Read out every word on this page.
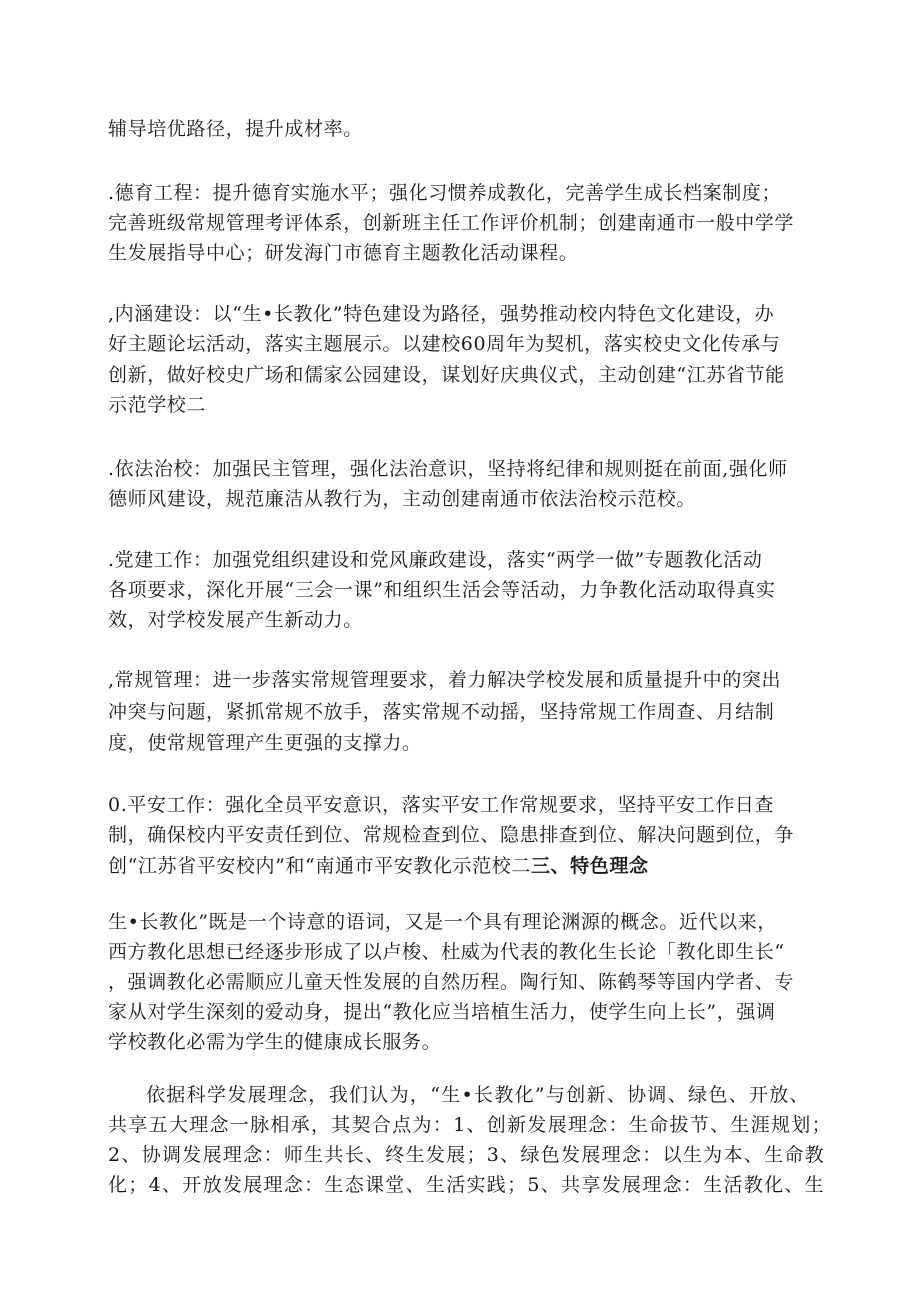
辅导培优路径，提升成材率。
.德育工程：提升德育实施水平；强化习惯养成教化，完善学生成长档案制度；
完善班级常规管理考评体系，创新班主任工作评价机制；创建南通市一般中学学
生发展指导中心；研发海门市德育主题教化活动课程。
,内涵建设：以“生•长教化”特色建设为路径，强势推动校内特色文化建设，办
好主题论坛活动，落实主题展示。以建校60周年为契机，落实校史文化传承与
创新，做好校史广场和儒家公园建设，谋划好庆典仪式，主动创建“江苏省节能
示范学校二
.依法治校：加强民主管理，强化法治意识，坚持将纪律和规则挺在前面,强化师
德师风建设，规范廉洁从教行为，主动创建南通市依法治校示范校。
.党建工作：加强党组织建设和党风廉政建设，落实“两学一做”专题教化活动
各项要求，深化开展“三会一课”和组织生活会等活动，力争教化活动取得真实
效，对学校发展产生新动力。
,常规管理：进一步落实常规管理要求，着力解决学校发展和质量提升中的突出
冲突与问题，紧抓常规不放手，落实常规不动摇，坚持常规工作周查、月结制
度，使常规管理产生更强的支撑力。
0.平安工作：强化全员平安意识，落实平安工作常规要求，坚持平安工作日查
制，确保校内平安责任到位、常规检查到位、隐患排查到位、解决问题到位，争
创“江苏省平安校内”和“南通市平安教化示范校二三、特色理念
生•长教化”既是一个诗意的语词，又是一个具有理论渊源的概念。近代以来，
西方教化思想已经逐步形成了以卢梭、杜威为代表的教化生长论「教化即生长“
，强调教化必需顺应儿童天性发展的自然历程。陶行知、陈鹤琴等国内学者、专
家从对学生深刻的爱动身，提出“教化应当培植生活力，使学生向上长”，强调
学校教化必需为学生的健康成长服务。
依据科学发展理念，我们认为，“生•长教化”与创新、协调、绿色、开放、
共享五大理念一脉相承，其契合点为：1、创新发展理念：生命拔节、生涯规划；
2、协调发展理念：师生共长、终生发展；3、绿色发展理念：以生为本、生命教
化；4、开放发展理念：生态课堂、生活实践；5、共享发展理念：生活教化、生
